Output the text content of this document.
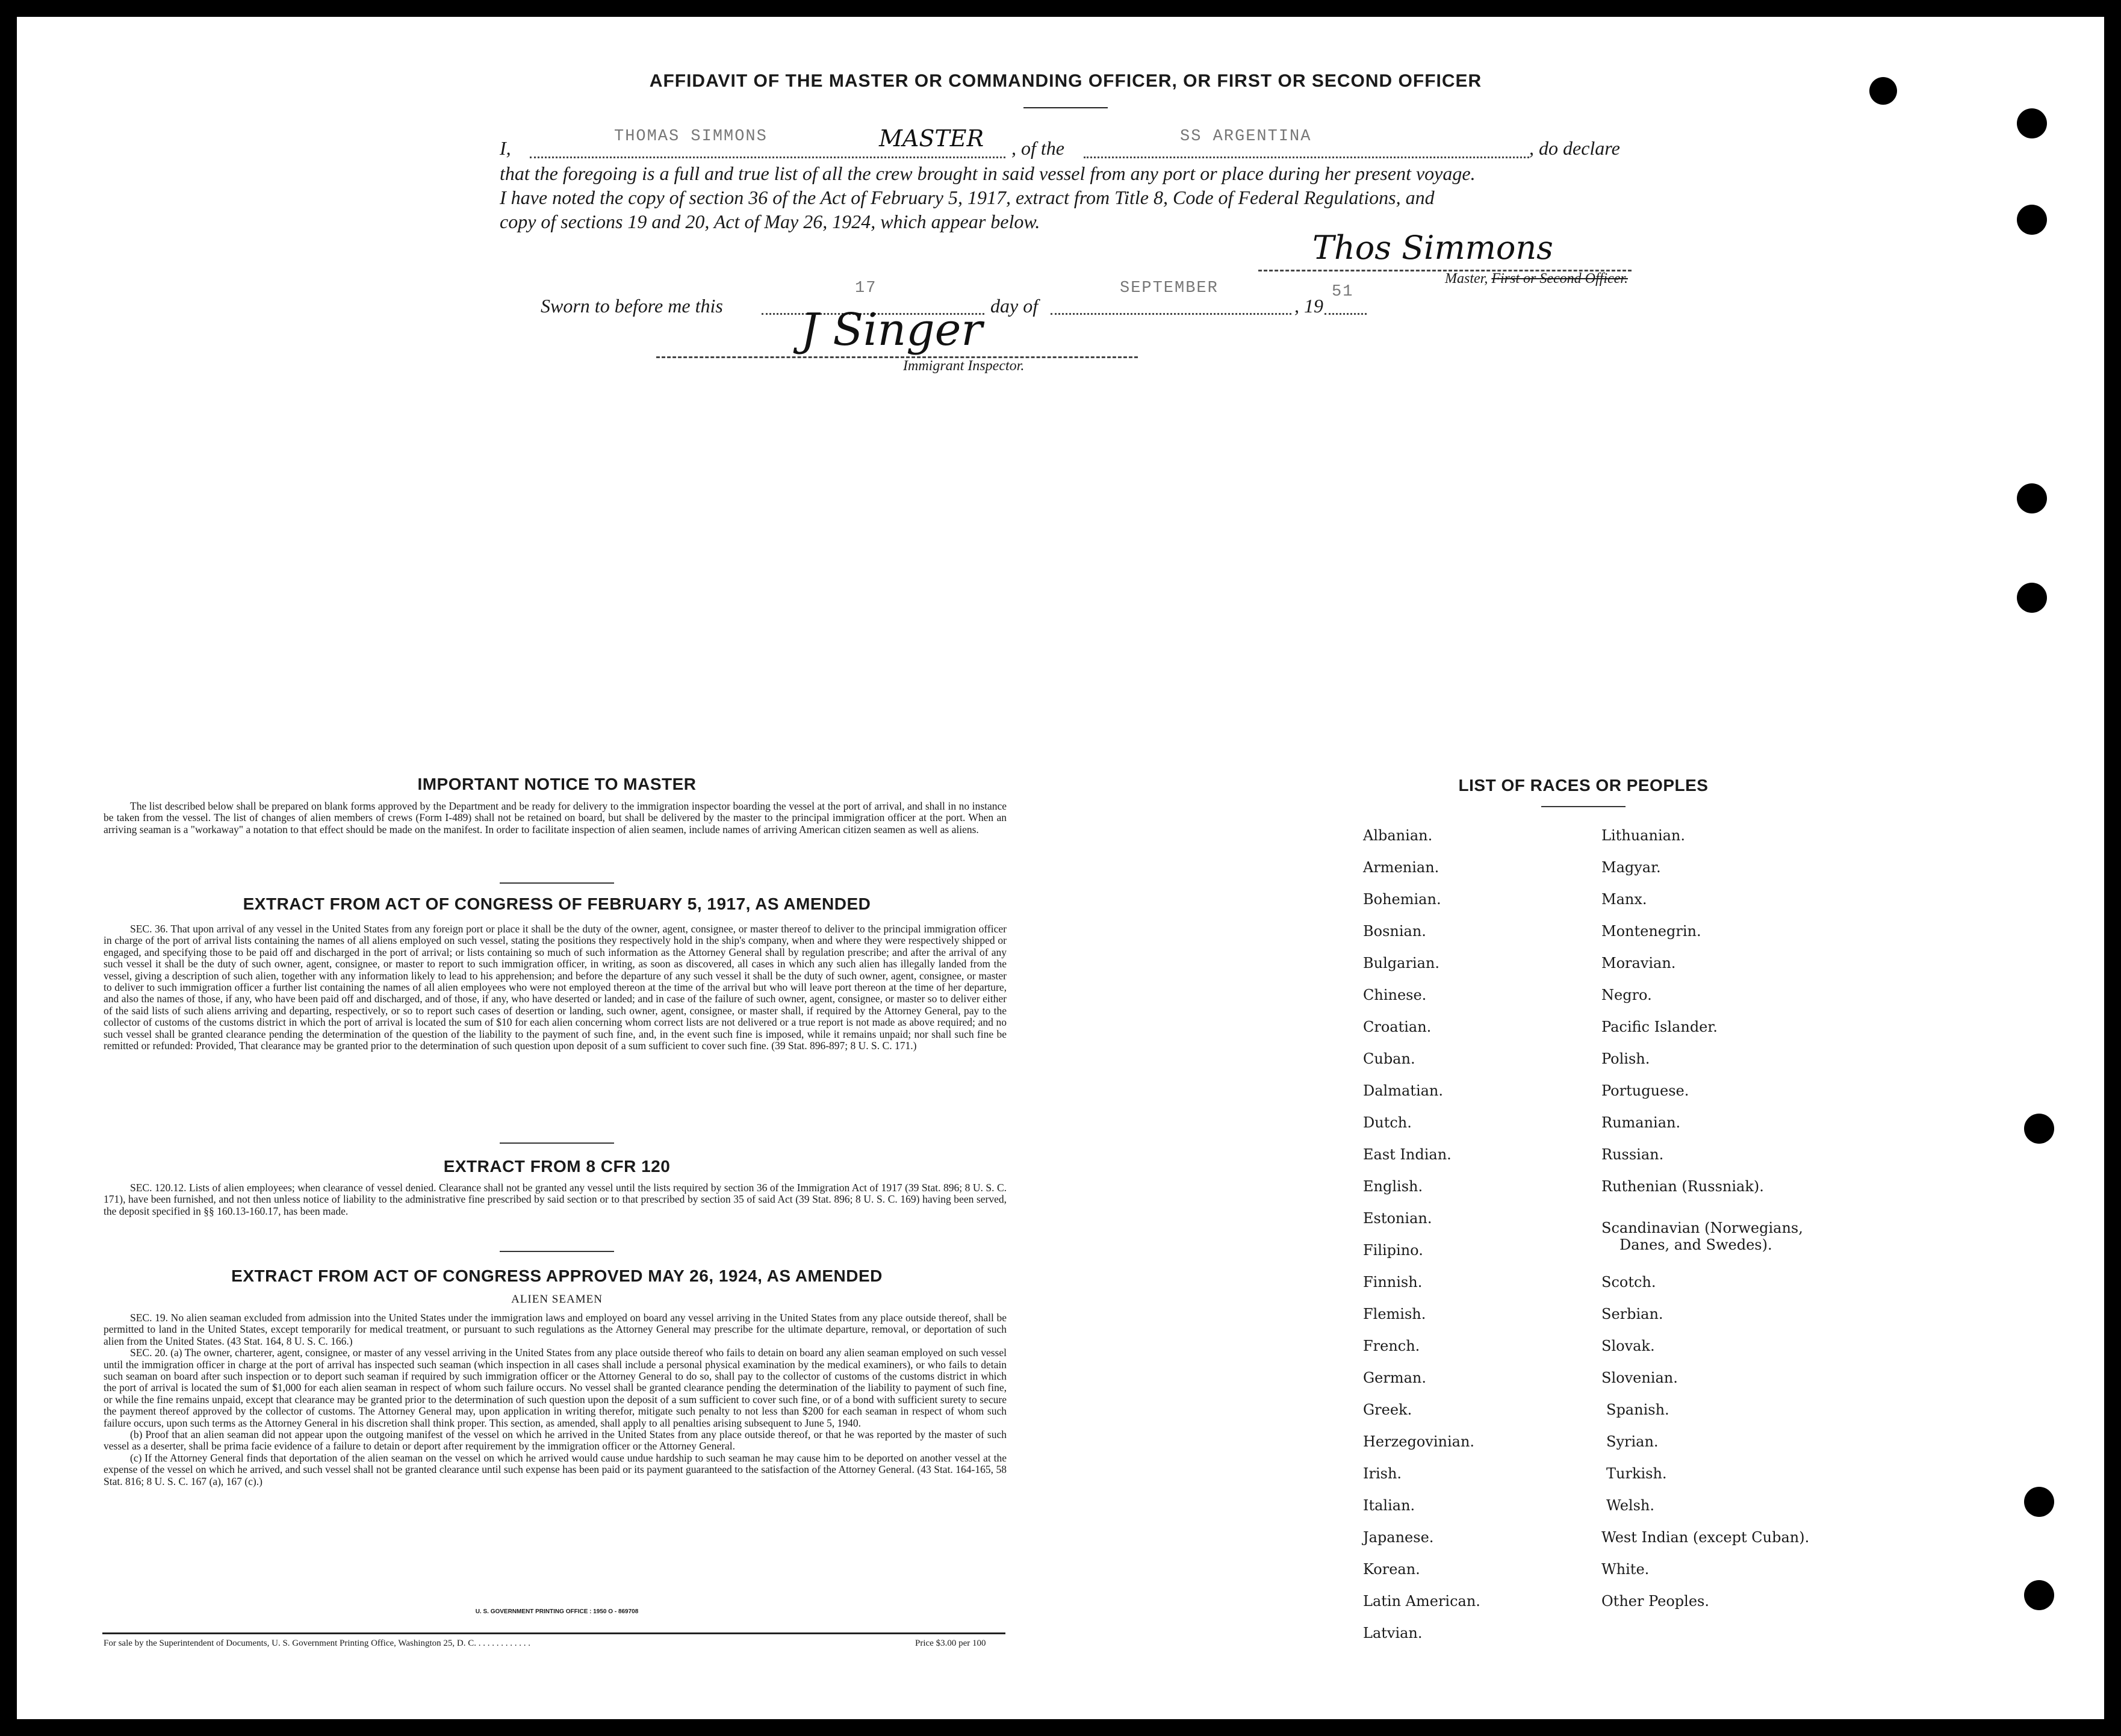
AFFIDAVIT OF THE MASTER OR COMMANDING OFFICER, OR FIRST OR SECOND OFFICER
I,
THOMAS SIMMONS	MASTER , of the
SS ARGENTINA
, do declare
that the foregoing is a full and true list of all the crew brought in said vessel from any port or place during her present voyage.
I have noted the copy of section 36 of the Act of February 5, 1917, extract from Title 8, Code of Federal Regulations, and
copy of sections 19 and 20, Act of May 26, 1924, which appear below.
Thos Simmons
Master, First or Second Officer.
Sworn to before me this
17
day of
SEPTEMBER
, 19
51
J Singer
Immigrant Inspector.
IMPORTANT NOTICE TO MASTER

The list described below shall be prepared on blank forms approved by the Department and be ready for delivery to the immigration inspector boarding the vessel at the port of arrival, and shall in no instance be taken from the vessel. The list of changes of alien members of crews (Form I-489) shall not be retained on board, but shall be delivered by the master to the principal immigration officer at the port. When an arriving seaman is a "workaway" a notation to that effect should be made on the manifest. In order to facilitate inspection of alien seamen, include names of arriving American citizen seamen as well as aliens.

EXTRACT FROM ACT OF CONGRESS OF FEBRUARY 5, 1917, AS AMENDED

SEC. 36. That upon arrival of any vessel in the United States from any foreign port or place it shall be the duty of the owner, agent, consignee, or master thereof to deliver to the principal immigration officer in charge of the port of arrival lists containing the names of all aliens employed on such vessel, stating the positions they respectively hold in the ship's company, when and where they were respectively shipped or engaged, and specifying those to be paid off and discharged in the port of arrival; or lists containing so much of such information as the Attorney General shall by regulation prescribe; and after the arrival of any such vessel it shall be the duty of such owner, agent, consignee, or master to report to such immigration officer, in writing, as soon as discovered, all cases in which any such alien has illegally landed from the vessel, giving a description of such alien, together with any information likely to lead to his apprehension; and before the departure of any such vessel it shall be the duty of such owner, agent, consignee, or master to deliver to such immigration officer a further list containing the names of all alien employees who were not employed thereon at the time of the arrival but who will leave port thereon at the time of her departure, and also the names of those, if any, who have been paid off and discharged, and of those, if any, who have deserted or landed; and in case of the failure of such owner, agent, consignee, or master so to deliver either of the said lists of such aliens arriving and departing, respectively, or so to report such cases of desertion or landing, such owner, agent, consignee, or master shall, if required by the Attorney General, pay to the collector of customs of the customs district in which the port of arrival is located the sum of $10 for each alien concerning whom correct lists are not delivered or a true report is not made as above required; and no such vessel shall be granted clearance pending the determination of the question of the liability to the payment of such fine, and, in the event such fine is imposed, while it remains unpaid; nor shall such fine be remitted or refunded: Provided, That clearance may be granted prior to the determination of such question upon deposit of a sum sufficient to cover such fine. (39 Stat. 896-897; 8 U. S. C. 171.)

EXTRACT FROM 8 CFR 120

SEC. 120.12. Lists of alien employees; when clearance of vessel denied. Clearance shall not be granted any vessel until the lists required by section 36 of the Immigration Act of 1917 (39 Stat. 896; 8 U. S. C. 171), have been furnished, and not then unless notice of liability to the administrative fine prescribed by said section or to that prescribed by section 35 of said Act (39 Stat. 896; 8 U. S. C. 169) having been served, the deposit specified in §§ 160.13-160.17, has been made.

EXTRACT FROM ACT OF CONGRESS APPROVED MAY 26, 1924, AS AMENDED
ALIEN SEAMEN

SEC. 19. No alien seaman excluded from admission into the United States under the immigration laws and employed on board any vessel arriving in the United States from any place outside thereof, shall be permitted to land in the United States, except temporarily for medical treatment, or pursuant to such regulations as the Attorney General may prescribe for the ultimate departure, removal, or deportation of such alien from the United States. (43 Stat. 164, 8 U. S. C. 166.)

SEC. 20. (a) The owner, charterer, agent, consignee, or master of any vessel arriving in the United States from any place outside thereof who fails to detain on board any alien seaman employed on such vessel until the immigration officer in charge at the port of arrival has inspected such seaman (which inspection in all cases shall include a personal physical examination by the medical examiners), or who fails to detain such seaman on board after such inspection or to deport such seaman if required by such immigration officer or the Attorney General to do so, shall pay to the collector of customs of the customs district in which the port of arrival is located the sum of $1,000 for each alien seaman in respect of whom such failure occurs. No vessel shall be granted clearance pending the determination of the liability to payment of such fine, or while the fine remains unpaid, except that clearance may be granted prior to the determination of such question upon the deposit of a sum sufficient to cover such fine, or of a bond with sufficient surety to secure the payment thereof approved by the collector of customs. The Attorney General may, upon application in writing therefor, mitigate such penalty to not less than $200 for each seaman in respect of whom such failure occurs, upon such terms as the Attorney General in his discretion shall think proper. This section, as amended, shall apply to all penalties arising subsequent to June 5, 1940.

(b) Proof that an alien seaman did not appear upon the outgoing manifest of the vessel on which he arrived in the United States from any place outside thereof, or that he was reported by the master of such vessel as a deserter, shall be prima facie evidence of a failure to detain or deport after requirement by the immigration officer or the Attorney General.

(c) If the Attorney General finds that deportation of the alien seaman on the vessel on which he arrived would cause undue hardship to such seaman he may cause him to be deported on another vessel at the expense of the vessel on which he arrived, and such vessel shall not be granted clearance until such expense has been paid or its payment guaranteed to the satisfaction of the Attorney General. (43 Stat. 164-165, 58 Stat. 816; 8 U. S. C. 167 (a), 167 (c).)

U. S. GOVERNMENT PRINTING OFFICE : 1950 O - 869708
For sale by the Superintendent of Documents, U. S. Government Printing Office, Washington 25, D. C. . . . . . . . . . . . .	Price $3.00 per 100
LIST OF RACES OR PEOPLES
Albanian.
Armenian.
Bohemian.
Bosnian.
Bulgarian.
Chinese.
Croatian.
Cuban.
Dalmatian.
Dutch.
East Indian.
English.
Estonian.
Filipino.
Finnish.
Flemish.
French.
German.
Greek.
Herzegovinian.
Irish.
Italian.
Japanese.
Korean.
Latin American.
Latvian.
Lithuanian.
Magyar.
Manx.
Montenegrin.
Moravian.
Negro.
Pacific Islander.
Polish.
Portuguese.
Rumanian.
Russian.
Ruthenian (Russniak).
Scandinavian (Norwegians,
Danes, and Swedes).
Scotch.
Serbian.
Slovak.
Slovenian.
Spanish.
Syrian.
Turkish.
Welsh.
West Indian (except Cuban).
White.
Other Peoples.
